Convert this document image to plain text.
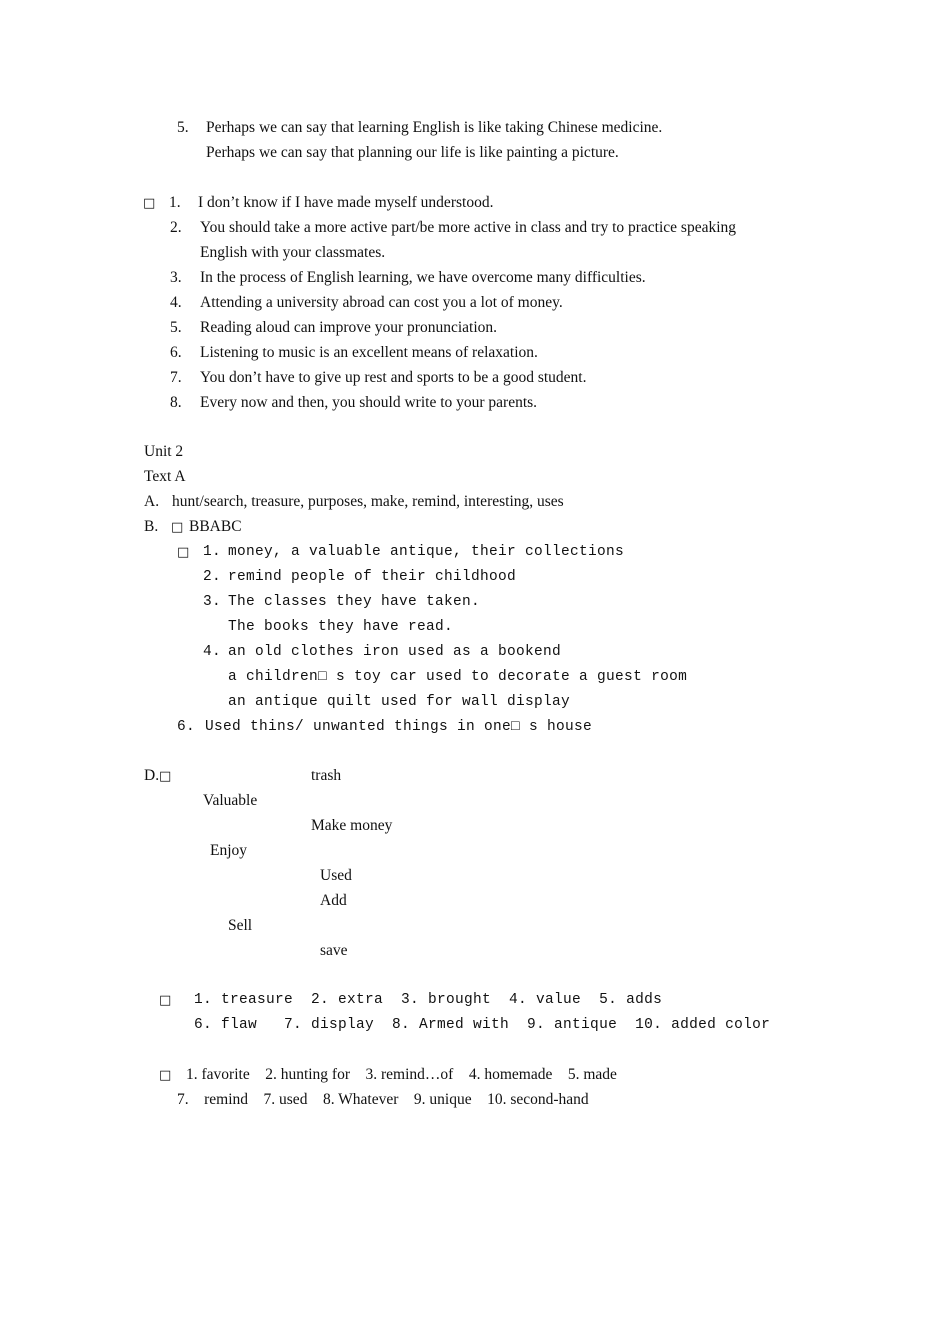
5. Perhaps we can say that learning English is like taking Chinese medicine.
Perhaps we can say that planning our life is like painting a picture.
□ 1. I don’t know if I have made myself understood.
2. You should take a more active part/be more active in class and try to practice speaking
English with your classmates.
3. In the process of English learning, we have overcome many difficulties.
4. Attending a university abroad can cost you a lot of money.
5. Reading aloud can improve your pronunciation.
6. Listening to music is an excellent means of relaxation.
7. You don’t have to give up rest and sports to be a good student.
8. Every now and then, you should write to your parents.
Unit 2
Text A
A. hunt/search, treasure, purposes, make, remind, interesting, uses
B. □ BBABC
□ 1. money, a valuable antique, their collections
2. remind people of their childhood
3. The classes they have taken.
The books they have read.
4. an old clothes iron used as a bookend
a children□ s toy car used to decorate a guest room
an antique quilt used for wall display
6. Used thins/ unwanted things in one□ s house
D. □	trash
Valuable
Make money
Enjoy
Used
Add
Sell
save
□ 1. treasure  2. extra  3. brought  4. value  5. adds
6. flaw   7. display  8. Armed with  9. antique  10. added color
□ 1. favorite    2. hunting for    3. remind…of    4. homemade    5. made
7.    remind    7. used    8. Whatever    9. unique    10. second-hand
